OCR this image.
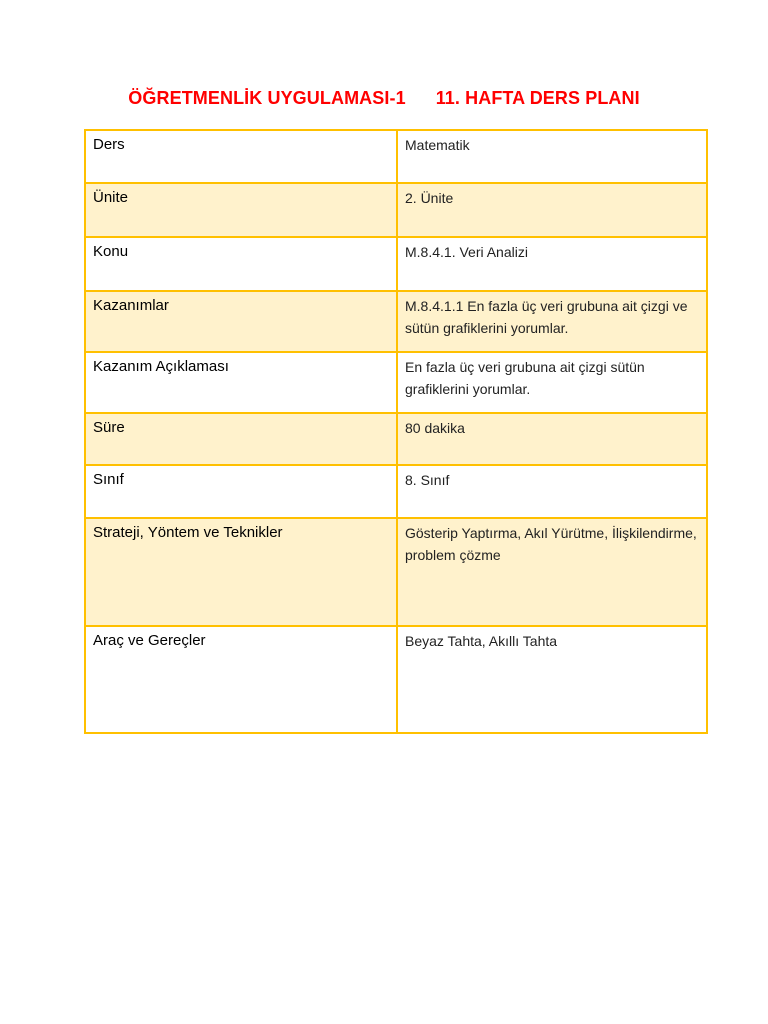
ÖĞRETMENLİK UYGULAMASI-1 11. HAFTA DERS PLANI
Ders	Matematik
Ünite	2. Ünite
Konu	M.8.4.1. Veri Analizi
Kazanımlar	M.8.4.1.1 En fazla üç veri grubuna ait çizgi ve sütün grafiklerini yorumlar.
Kazanım Açıklaması	En fazla üç veri grubuna ait çizgi sütün grafiklerini yorumlar.
Süre	80 dakika
Sınıf	8. Sınıf
Strateji, Yöntem ve Teknikler	Gösterip Yaptırma, Akıl Yürütme, İlişkilendirme, problem çözme
Araç ve Gereçler	Beyaz Tahta, Akıllı Tahta
